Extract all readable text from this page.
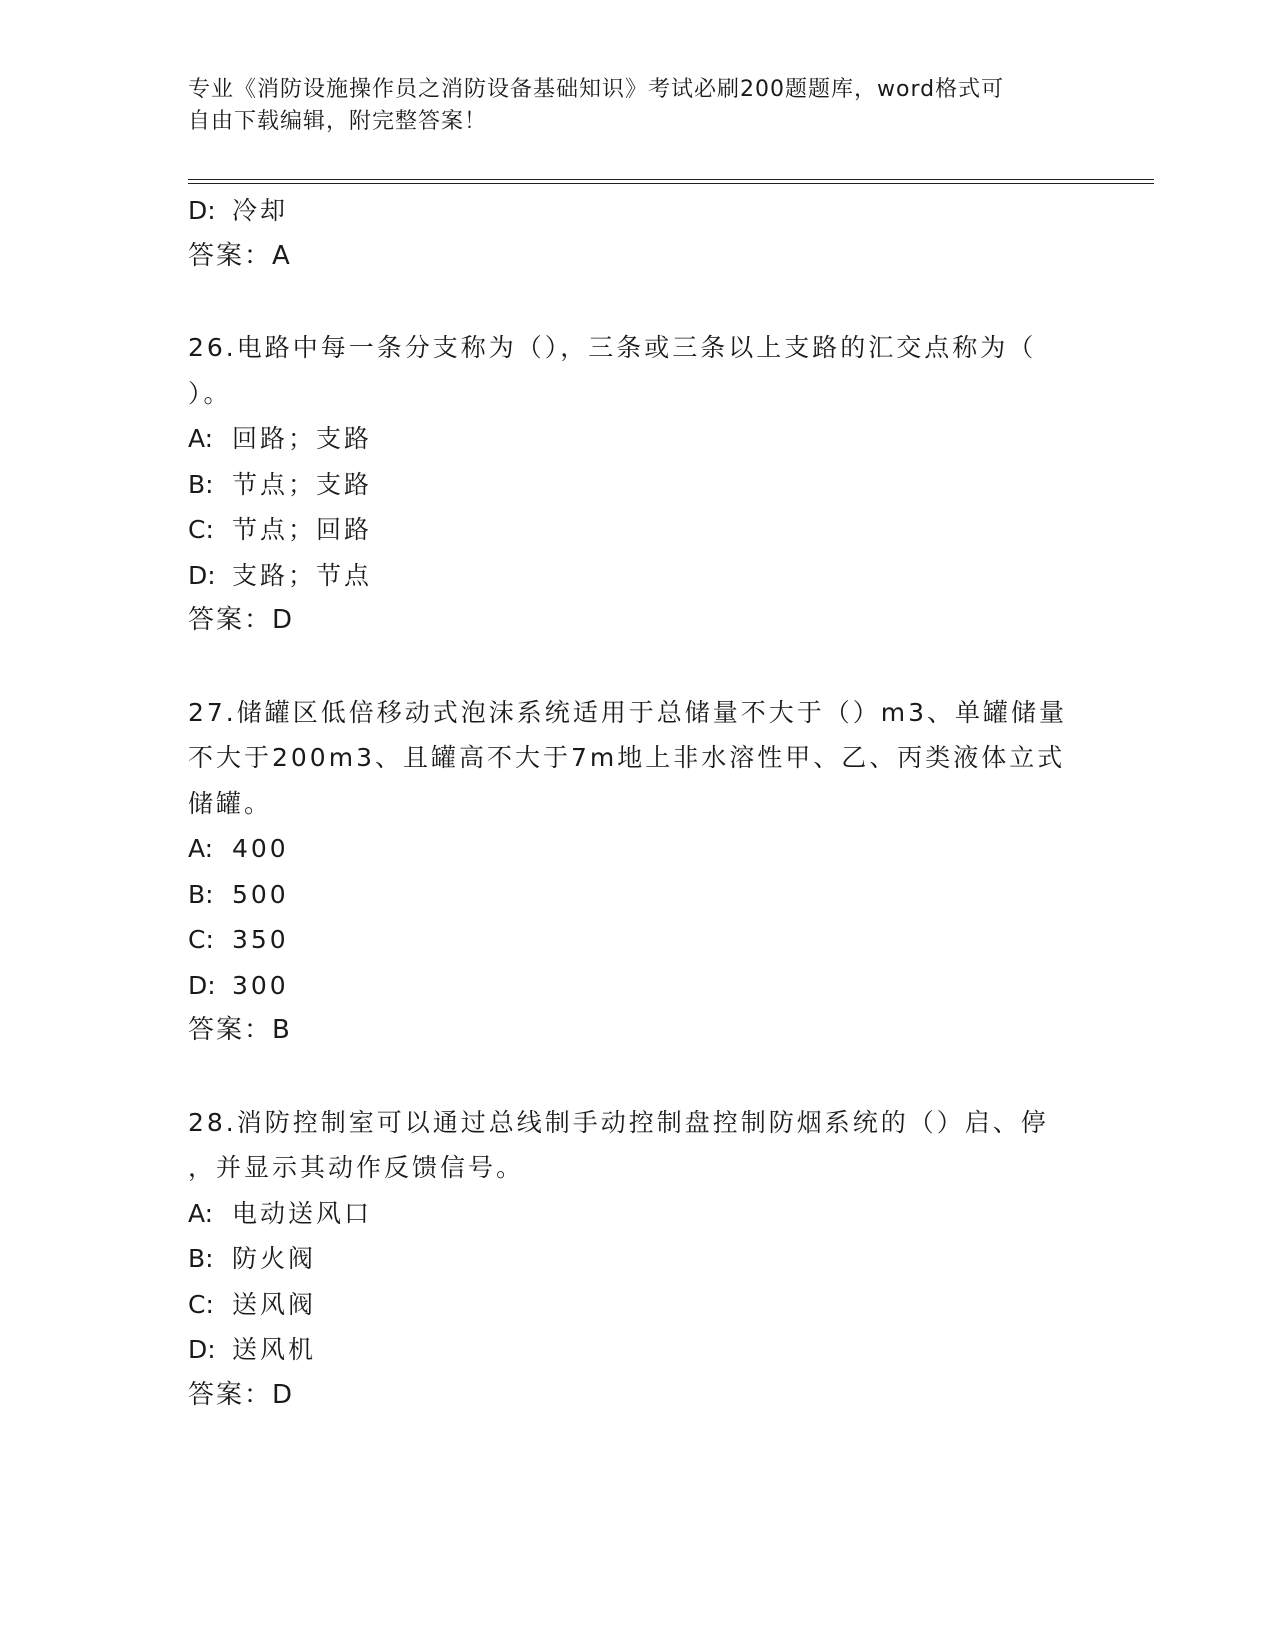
专业《消防设施操作员之消防设备基础知识》考试必刷200题题库，word格式可
自由下载编辑，附完整答案！
D: 冷却
答案：A
26.电路中每一条分支称为（），三条或三条以上支路的汇交点称为（
）。
A: 回路；支路
B: 节点；支路
C: 节点；回路
D: 支路；节点
答案：D
27.储罐区低倍移动式泡沫系统适用于总储量不大于（）m3、单罐储量
不大于200m3、且罐高不大于7m地上非水溶性甲、乙、丙类液体立式
储罐。
A: 400
B: 500
C: 350
D: 300
答案：B
28.消防控制室可以通过总线制手动控制盘控制防烟系统的（）启、停
，并显示其动作反馈信号。
A: 电动送风口
B: 防火阀
C: 送风阀
D: 送风机
答案：D
